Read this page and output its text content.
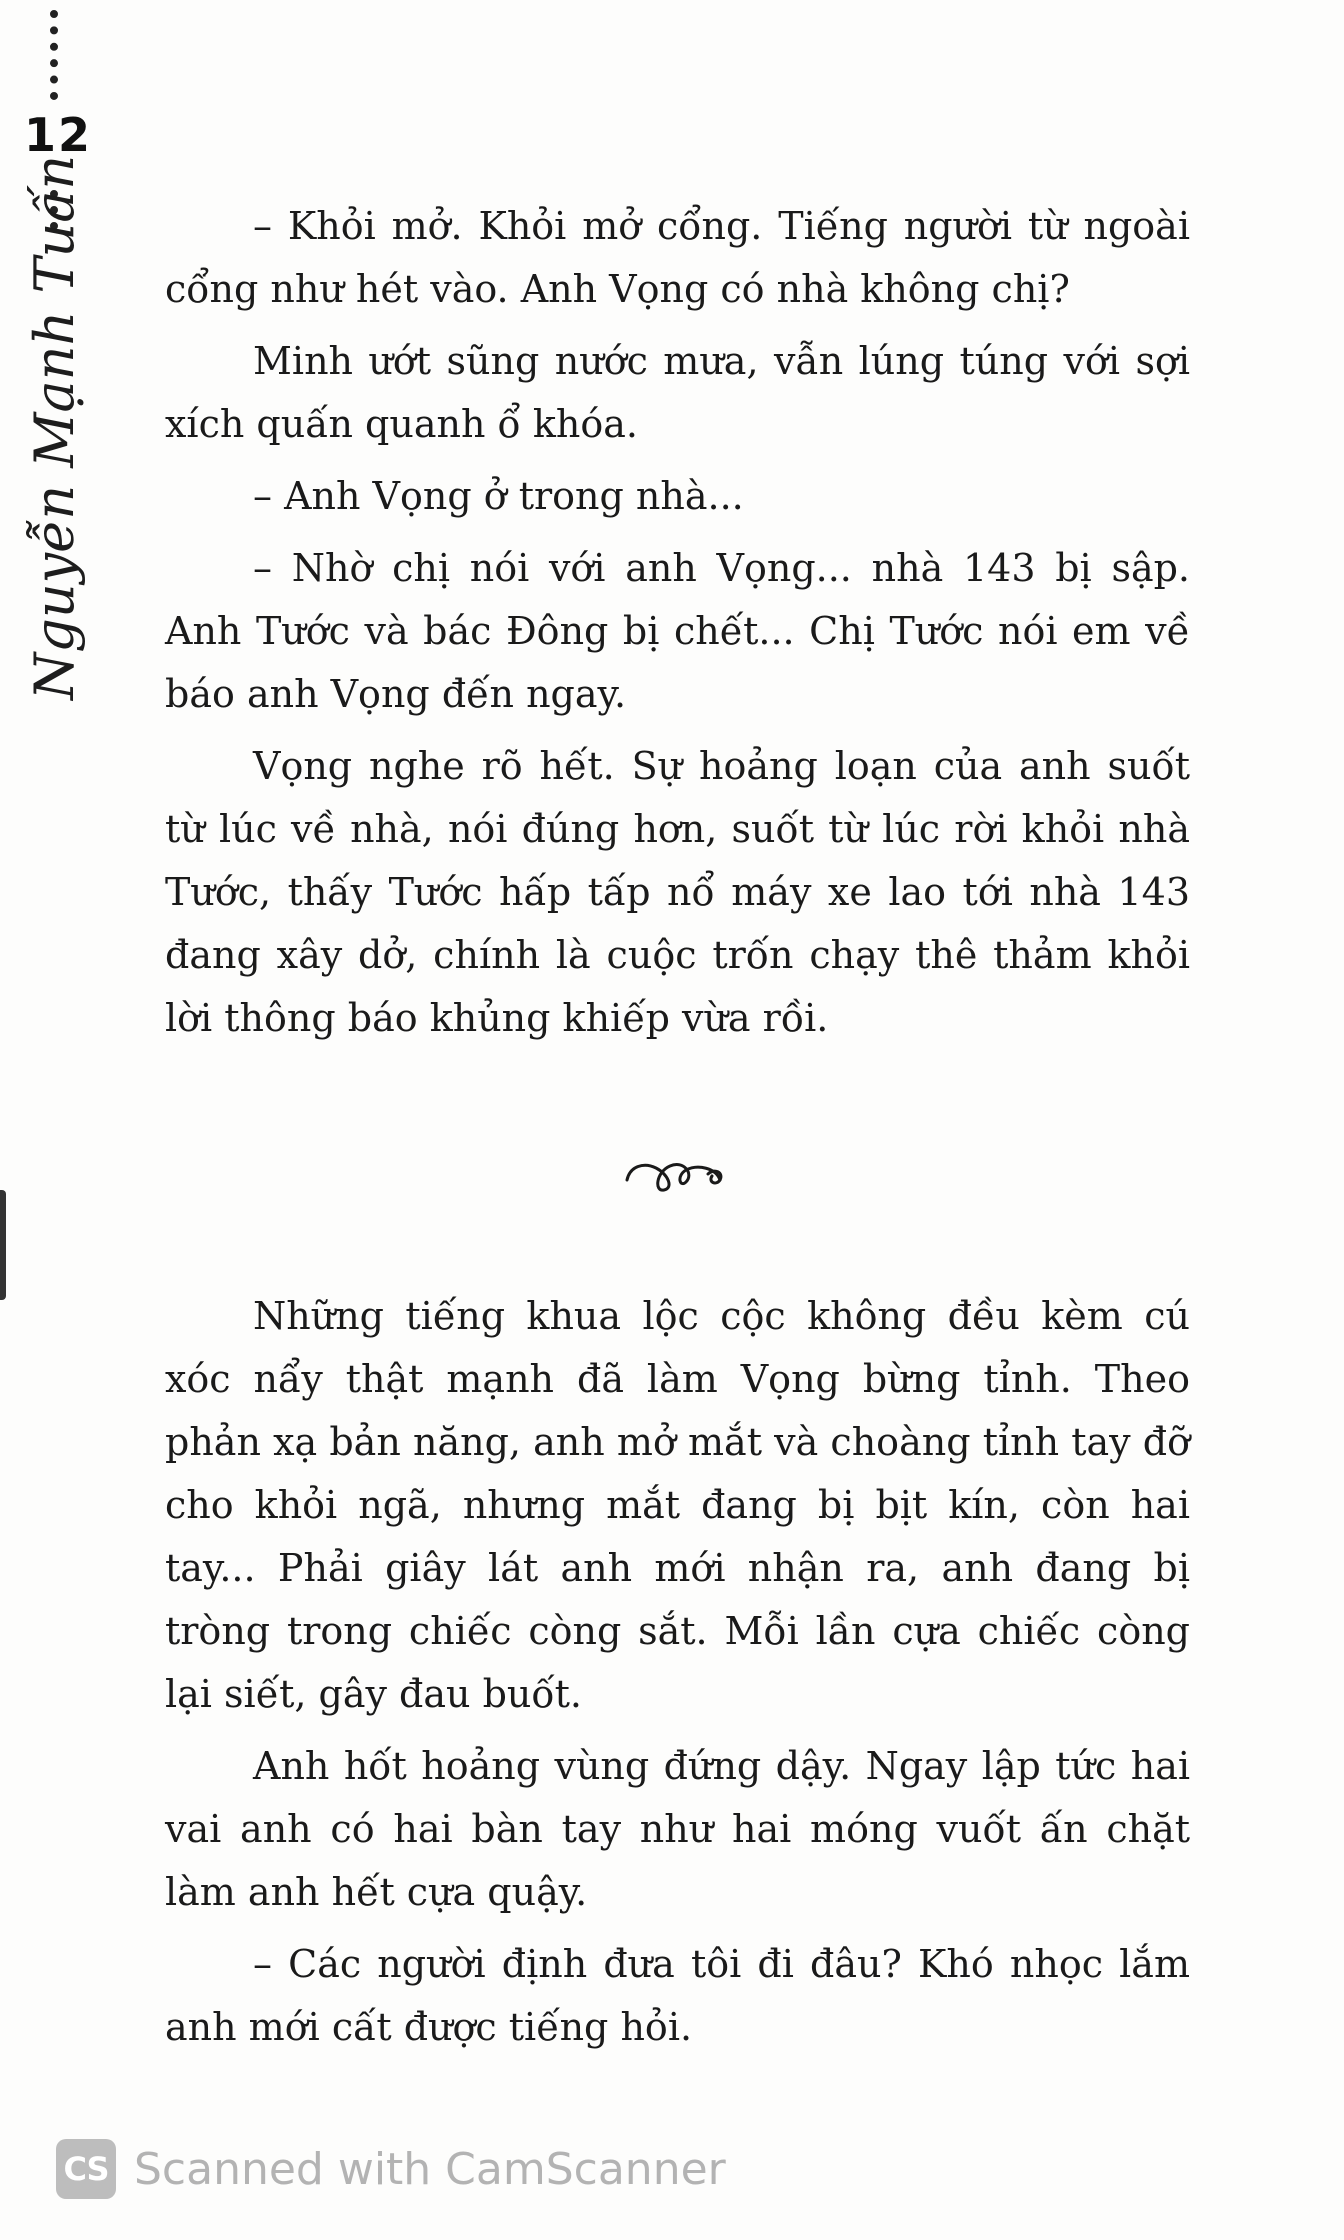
12
Nguyễn Mạnh Tuấn	– Khỏi mở. Khỏi mở cổng. Tiếng người từ ngoài cổng như hét vào. Anh Vọng có nhà không chị?

Minh ướt sũng nước mưa, vẫn lúng túng với sợi xích quấn quanh ổ khóa.

– Anh Vọng ở trong nhà...

– Nhờ chị nói với anh Vọng... nhà 143 bị sập. Anh Tước và bác Đông bị chết... Chị Tước nói em về báo anh Vọng đến ngay.

Vọng nghe rõ hết. Sự hoảng loạn của anh suốt từ lúc về nhà, nói đúng hơn, suốt từ lúc rời khỏi nhà Tước, thấy Tước hấp tấp nổ máy xe lao tới nhà 143 đang xây dở, chính là cuộc trốn chạy thê thảm khỏi lời thông báo khủng khiếp vừa rồi.

Những tiếng khua lộc cộc không đều kèm cú xóc nẩy thật mạnh đã làm Vọng bừng tỉnh. Theo phản xạ bản năng, anh mở mắt và choàng tỉnh tay đỡ cho khỏi ngã, nhưng mắt đang bị bịt kín, còn hai tay... Phải giây lát anh mới nhận ra, anh đang bị tròng trong chiếc còng sắt. Mỗi lần cựa chiếc còng lại siết, gây đau buốt.

Anh hốt hoảng vùng đứng dậy. Ngay lập tức hai vai anh có hai bàn tay như hai móng vuốt ấn chặt làm anh hết cựa quậy.

– Các người định đưa tôi đi đâu? Khó nhọc lắm anh mới cất được tiếng hỏi.

CS Scanned with CamScanner
